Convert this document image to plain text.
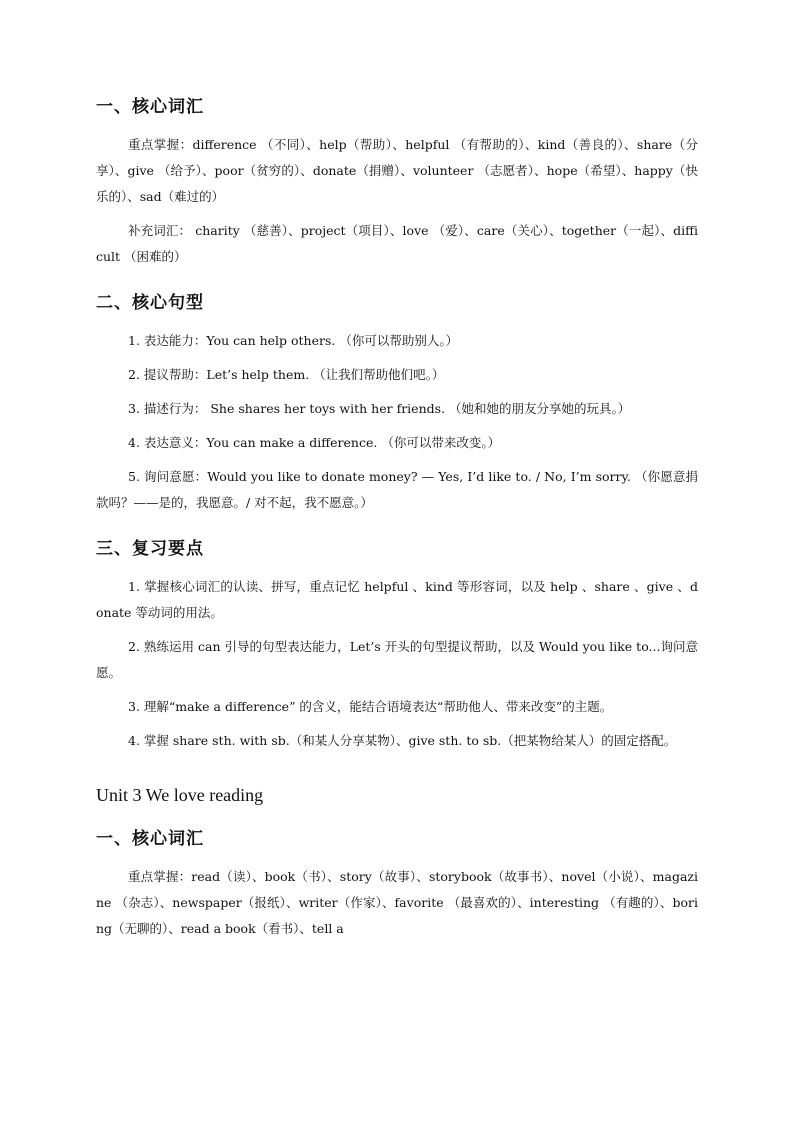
一、核心词汇

重点掌握：difference （不同）、help（帮助）、helpful （有帮助的）、kind（善良的）、share（分享）、give （给予）、poor（贫穷的）、donate（捐赠）、volunteer （志愿者）、hope（希望）、happy（快乐的）、sad（难过的）

补充词汇： charity （慈善）、project（项目）、love （爱）、care（关心）、together（一起）、difficult （困难的）

二、核心句型

1. 表达能力：You can help others. （你可以帮助别人。）

2. 提议帮助：Let’s help them. （让我们帮助他们吧。）

3. 描述行为： She shares her toys with her friends. （她和她的朋友分享她的玩具。）

4. 表达意义：You can make a difference. （你可以带来改变。）

5. 询问意愿：Would you like to donate money? — Yes, I’d like to. / No, I’m sorry. （你愿意捐款吗？——是的，我愿意。/ 对不起，我不愿意。）

三、复习要点

1. 掌握核心词汇的认读、拼写，重点记忆 helpful 、kind 等形容词，以及 help 、share 、give 、donate 等动词的用法。

2. 熟练运用 can 引导的句型表达能力，Let’s 开头的句型提议帮助，以及 Would you like to...询问意愿。

3. 理解“make a difference” 的含义，能结合语境表达“帮助他人、带来改变”的主题。

4. 掌握 share sth. with sb.（和某人分享某物）、give sth. to sb.（把某物给某人）的固定搭配。

Unit 3 We love reading
一、核心词汇

重点掌握：read（读）、book（书）、story（故事）、storybook（故事书）、novel（小说）、magazine （杂志）、newspaper（报纸）、writer（作家）、favorite （最喜欢的）、interesting （有趣的）、boring（无聊的）、read a book（看书）、tell a
